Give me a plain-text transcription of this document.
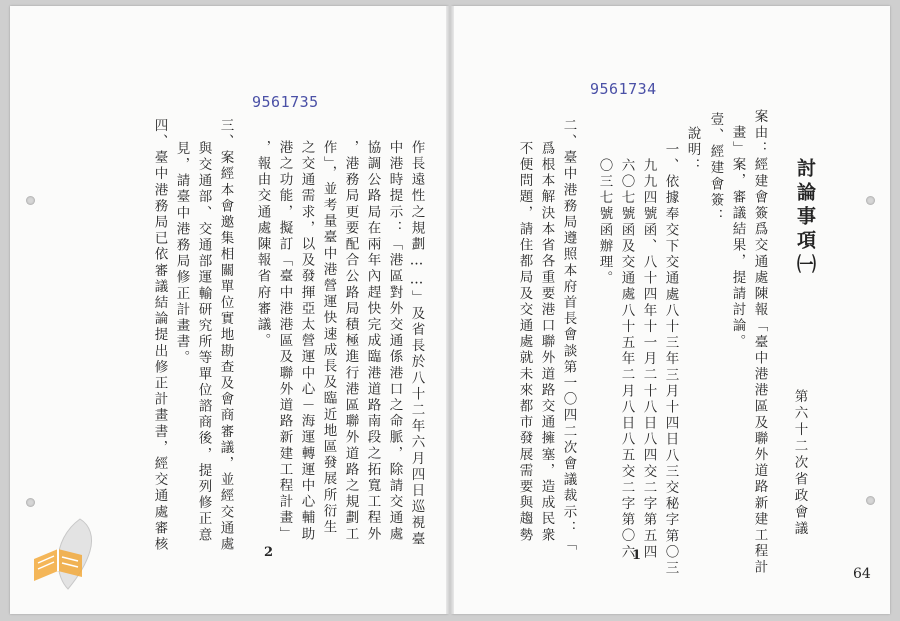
9561735
9561734
討論事項㈠
第六十二次省政會議
案由：經建會簽爲交通處陳報「臺中港港區及聯外道路新建工程計
畫」案，審議結果，提請討論。
壹、經建會簽：
說明：
一、依據奉交下交通處八十三年三月十四日八三交秘字第〇三
九九四號函、八十四年十一月二十八日八四交二字第五四
六〇七號函及交通處八十五年二月八日八五交二字第〇六
〇三七號函辦理。
二、臺中港務局遵照本府首長會談第一〇四二次會議裁示：「
爲根本解決本省各重要港口聯外道路交通擁塞，造成民衆
不便問題，請住都局及交通處就未來都市發展需要與趨勢
1
64
作長遠性之規劃……」及省長於八十二年六月四日巡視臺
中港時提示：「港區對外交通係港口之命脈，除請交通處
協調公路局在兩年內趕快完成臨港道路南段之拓寬工程外
，港務局更要配合公路局積極進行港區聯外道路之規劃工
作」，並考量臺中港營運快速成長及臨近地區發展所衍生
之交通需求，以及發揮亞太營運中心－海運轉運中心輔助
港之功能，擬訂「臺中港港區及聯外道路新建工程計畫」
，報由交通處陳報省府審議。
三、案經本會邀集相關單位實地勘查及會商審議，並經交通處
與交通部、交通部運輸研究所等單位諮商後，提列修正意
見，請臺中港務局修正計畫書。
四、臺中港務局已依審議結論提出修正計畫書，經交通處審核	2
